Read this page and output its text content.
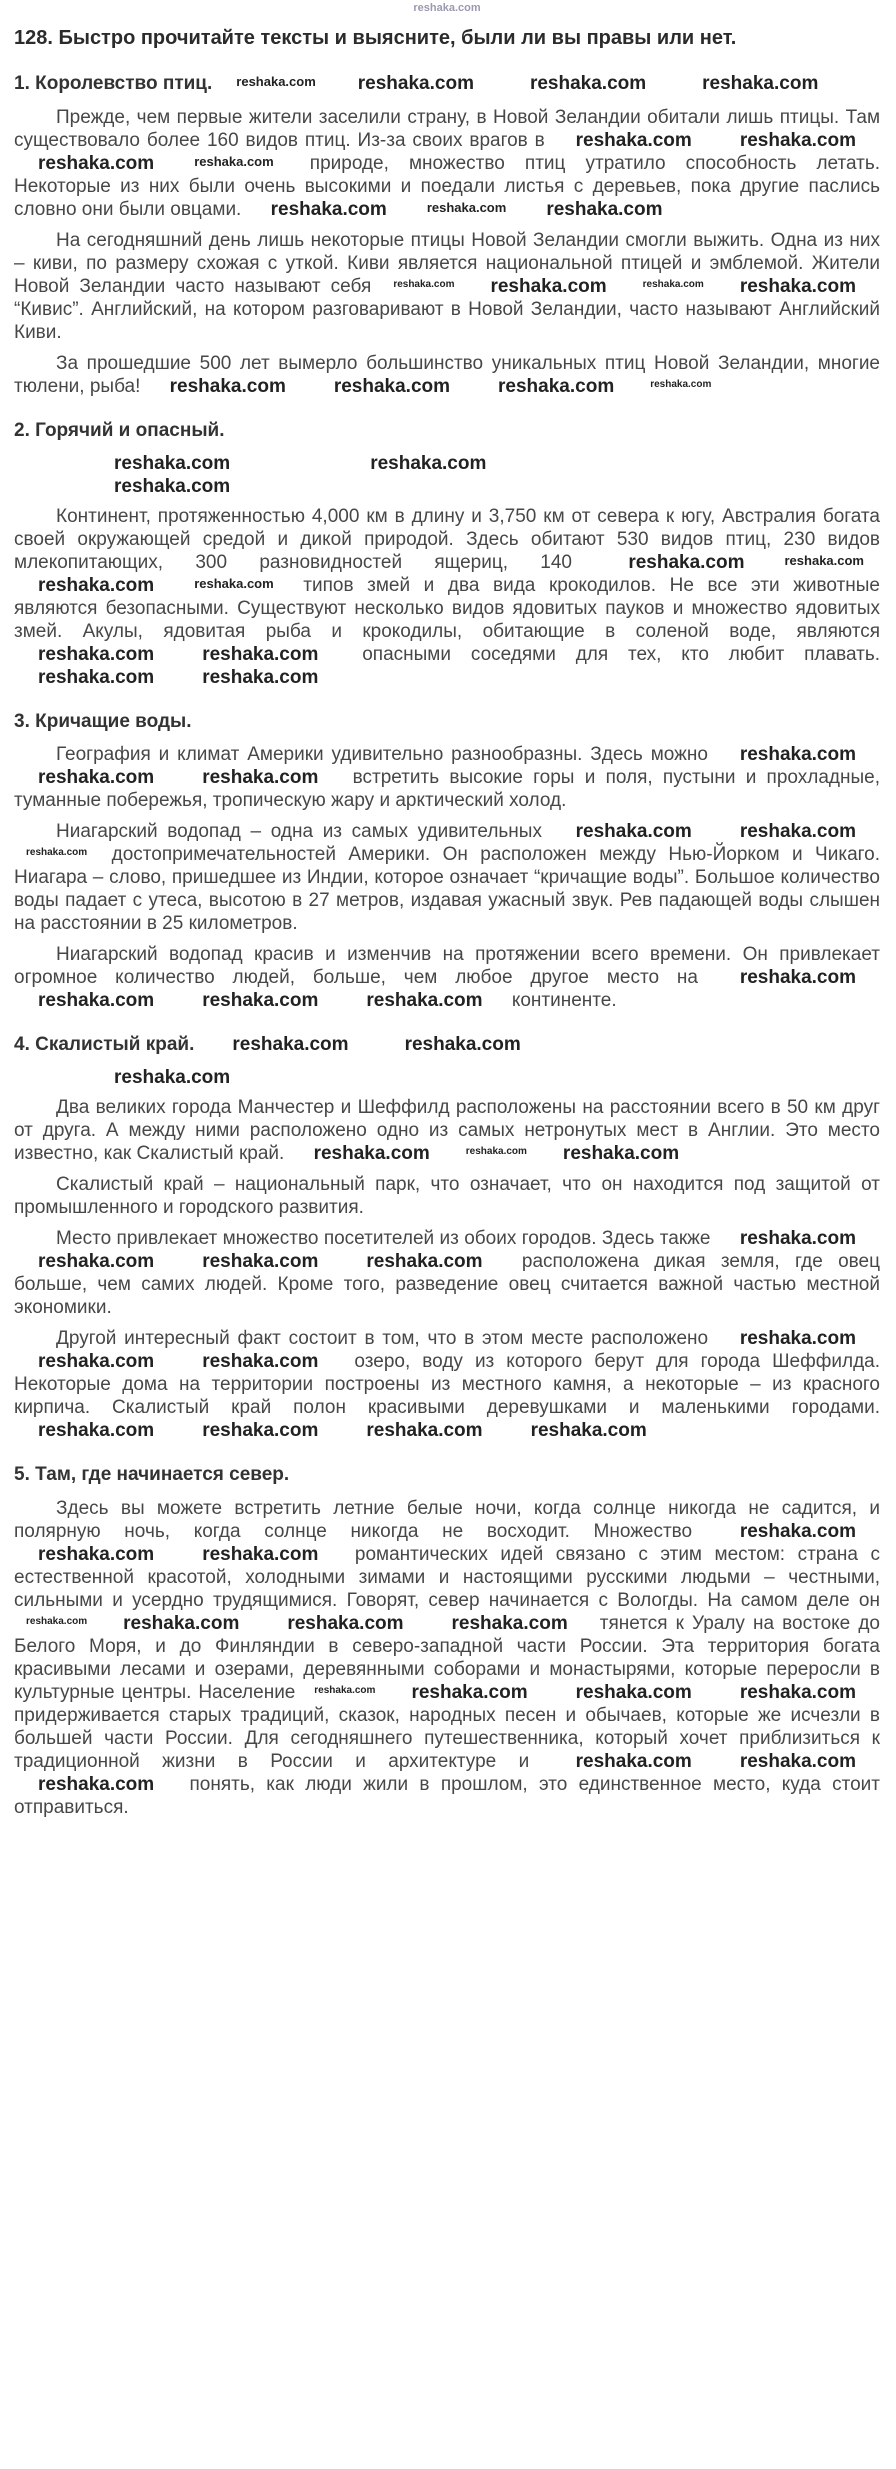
reshaka.com
128. Быстро прочитайте тексты и выясните, были ли вы правы или нет.
1. Королевство птиц. reshaka.com reshaka.com	reshaka.com	reshaka.com

Прежде, чем первые жители заселили страну, в Новой Зеландии обитали лишь птицы. Там существовало более 160 видов птиц. Из-за своих врагов в reshaka.com	reshaka.comreshaka.com	reshaka.com природе, множество птиц утратило способность летать. Некоторые из них были очень высокими и поедали листья с деревьев, пока другие паслись словно они были овцами. reshaka.com	reshaka.com reshaka.com

На сегодняшний день лишь некоторые птицы Новой Зеландии смогли выжить. Одна из них – киви, по размеру схожая с уткой. Киви является национальной птицей и эмблемой. Жители Новой Зеландии часто называют себя reshaka.com reshaka.com	reshaka.com reshaka.com “Кивис”. Английский, на котором разговаривают в Новой Зеландии, часто называют Английский Киви.

За прошедшие 500 лет вымерло большинство уникальных птиц Новой Зеландии, многие тюлени, рыба! reshaka.com	reshaka.com	reshaka.com	reshaka.com

2. Горячий и опасный.
reshaka.com	reshaka.comreshaka.com

Континент, протяженностью 4,000 км в длину и 3,750 км от севера к югу, Австралия богата своей окружающей средой и дикой природой. Здесь обитают 530 видов птиц, 230 видов млекопитающих, 300 разновидностей ящериц, 140 reshaka.com	reshaka.comreshaka.com	reshaka.com типов змей и два вида крокодилов. Не все эти животные являются безопасными. Существуют несколько видов ядовитых пауков и множество ядовитых змей. Акулы, ядовитая рыба и крокодилы, обитающие в соленой воде, являются reshaka.com	reshaka.com опасными соседями для тех, кто любит плавать. reshaka.com	reshaka.com

3. Кричащие воды.

География и климат Америки удивительно разнообразны. Здесь можно reshaka.comreshaka.com	reshaka.com встретить высокие горы и поля, пустыни и прохладные, туманные побережья, тропическую жару и арктический холод.

Ниагарский водопад – одна из самых удивительных reshaka.com	reshaka.comreshaka.com достопримечательностей Америки. Он расположен между Нью-Йорком и Чикаго. Ниагара – слово, пришедшее из Индии, которое означает “кричащие воды”. Большое количество воды падает с утеса, высотою в 27 метров, издавая ужасный звук. Рев падающей воды слышен на расстоянии в 25 километров.

Ниагарский водопад красив и изменчив на протяжении всего времени. Он привлекает огромное количество людей, больше, чем любое другое место на reshaka.comreshaka.com	reshaka.com	reshaka.com континенте.

4. Скалистый край. reshaka.com	reshaka.com
reshaka.com

Два великих города Манчестер и Шеффилд расположены на расстоянии всего в 50 км друг от друга. А между ними расположено одно из самых нетронутых мест в Англии. Это место известно, как Скалистый край. reshaka.com	reshaka.com reshaka.com

Скалистый край – национальный парк, что означает, что он находится под защитой от промышленного и городского развития.

Место привлекает множество посетителей из обоих городов. Здесь также reshaka.comreshaka.com	reshaka.com	reshaka.com расположена дикая земля, где овец больше, чем самих людей. Кроме того, разведение овец считается важной частью местной экономики.

Другой интересный факт состоит в том, что в этом месте расположено reshaka.comreshaka.com	reshaka.com озеро, воду из которого берут для города Шеффилда. Некоторые дома на территории построены из местного камня, а некоторые – из красного кирпича. Скалистый край полон красивыми деревушками и маленькими городами. reshaka.com	reshaka.com	reshaka.com	reshaka.com

5. Там, где начинается север.

Здесь вы можете встретить летние белые ночи, когда солнце никогда не садится, и полярную ночь, когда солнце никогда не восходит. Множество reshaka.comreshaka.com	reshaka.com романтических идей связано с этим местом: страна с естественной красотой, холодными зимами и настоящими русскими людьми – честными, сильными и усердно трудящимися. Говорят, север начинается с Вологды. На самом деле он reshaka.com reshaka.com	reshaka.com	reshaka.com тянется к Уралу на востоке до Белого Моря, и до Финляндии в северо-западной части России. Эта территория богата красивыми лесами и озерами, деревянными соборами и монастырями, которые переросли в культурные центры. Население reshaka.com reshaka.com	reshaka.com	reshaka.com придерживается старых традиций, сказок, народных песен и обычаев, которые же исчезли в большей части России. Для сегодняшнего путешественника, который хочет приблизиться к традиционной жизни в России и архитектуре и reshaka.com	reshaka.comreshaka.com понять, как люди жили в прошлом, это единственное место, куда стоит отправиться.
